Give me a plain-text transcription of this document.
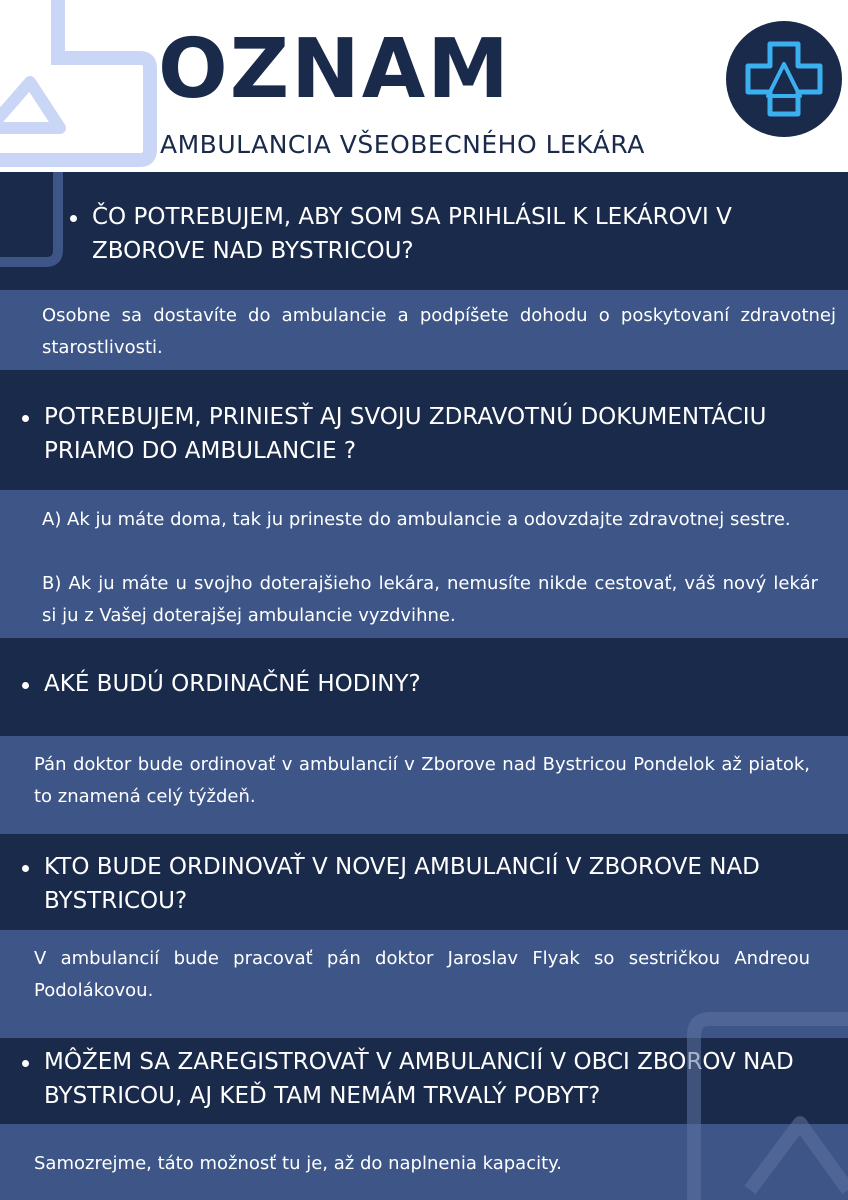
OZNAM

AMBULANCIA VŠEOBECNÉHO LEKÁRA

ČO POTREBUJEM, ABY SOM SA PRIHLÁSIL K LEKÁROVI V ZBOROVE NAD BYSTRICOU?

Osobne sa dostavíte do ambulancie a podpíšete dohodu o poskytovaní zdravotnej starostlivosti.

POTREBUJEM, PRINIESŤ AJ SVOJU ZDRAVOTNÚ DOKUMENTÁCIU PRIAMO DO AMBULANCIE ?

A) Ak ju máte doma, tak ju prineste do ambulancie a odovzdajte zdravotnej sestre.

B) Ak ju máte u svojho doterajšieho lekára, nemusíte nikde cestovať, váš nový lekár si ju z Vašej doterajšej ambulancie vyzdvihne.

AKÉ BUDÚ ORDINAČNÉ HODINY?

Pán doktor bude ordinovať v ambulancií v Zborove nad Bystricou Pondelok až piatok, to znamená celý týždeň.

KTO BUDE ORDINOVAŤ V NOVEJ AMBULANCIÍ V ZBOROVE NAD BYSTRICOU?

V ambulancií bude pracovať pán doktor Jaroslav Flyak so sestričkou Andreou Podolákovou.

MÔŽEM SA ZAREGISTROVAŤ V AMBULANCIÍ V OBCI ZBOROV NAD BYSTRICOU, AJ KEĎ TAM NEMÁM TRVALÝ POBYT?

Samozrejme, táto možnosť tu je, až do naplnenia kapacity.
